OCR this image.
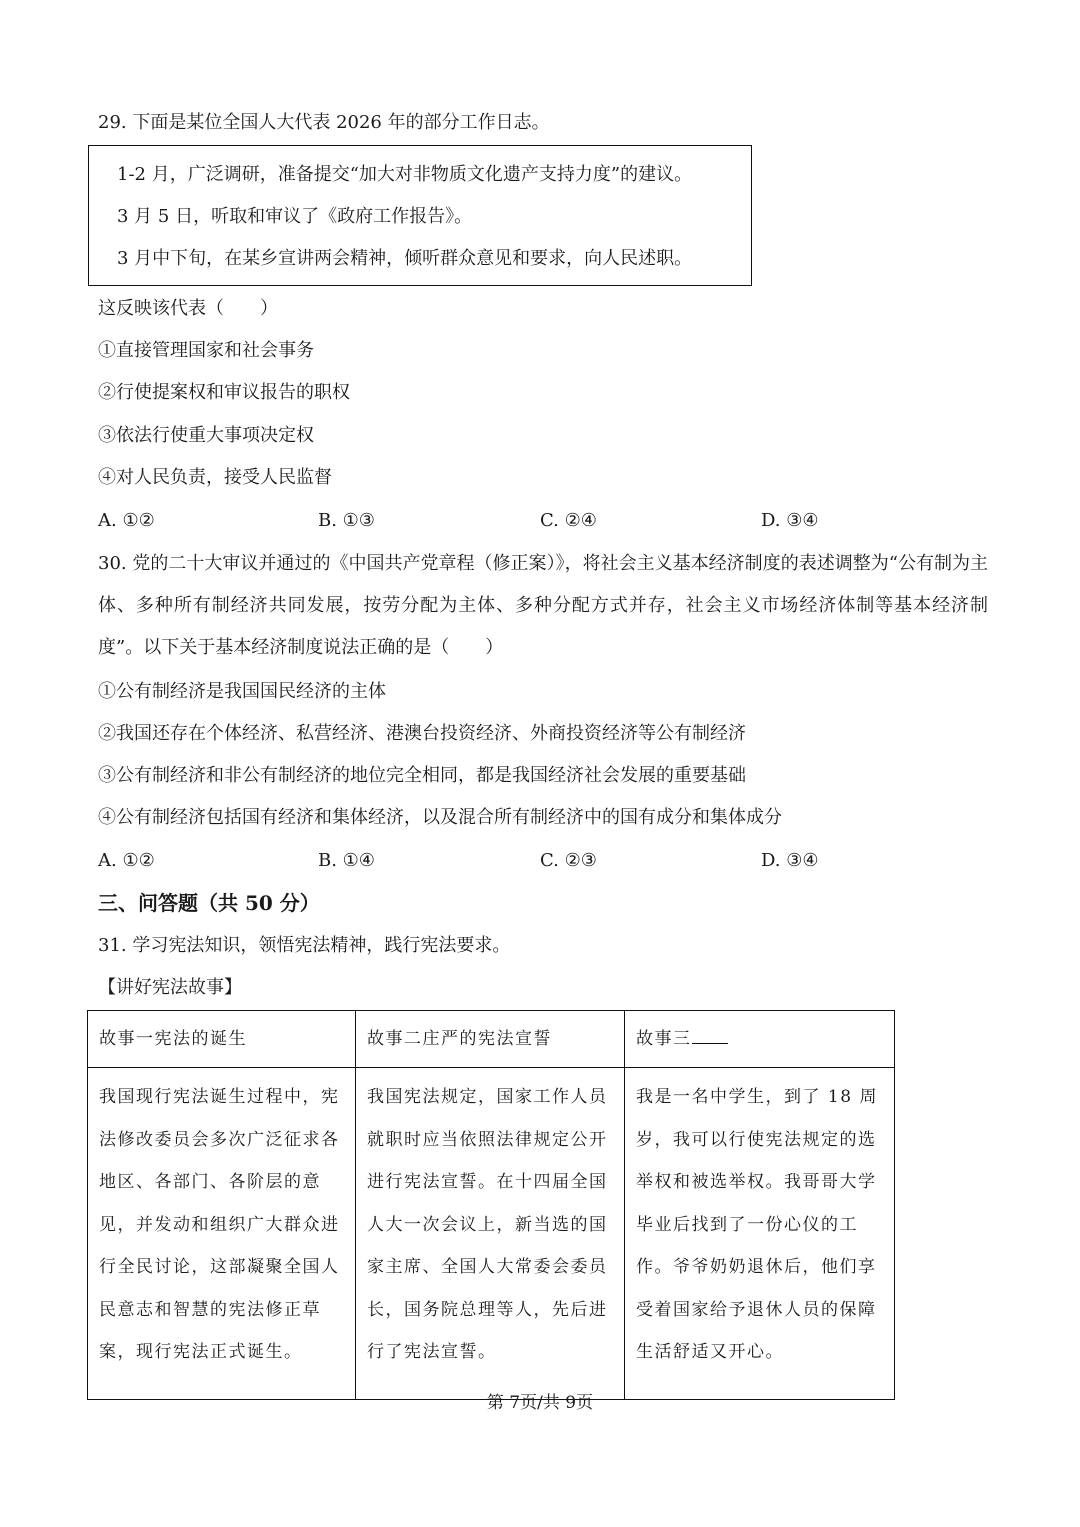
29. 下面是某位全国人大代表 2026 年的部分工作日志。
1-2 月，广泛调研，准备提交“加大对非物质文化遗产支持力度”的建议。
3 月 5 日，听取和审议了《政府工作报告》。
3 月中下旬，在某乡宣讲两会精神，倾听群众意见和要求，向人民述职。
这反映该代表（　　）
①直接管理国家和社会事务
②行使提案权和审议报告的职权
③依法行使重大事项决定权
④对人民负责，接受人民监督
A. ①②	B. ①③	C. ②④	D. ③④
30. 党的二十大审议并通过的《中国共产党章程（修正案）》，将社会主义基本经济制度的表述调整为“公有制为主体、多种所有制经济共同发展，按劳分配为主体、多种分配方式并存，社会主义市场经济体制等基本经济制度”。以下关于基本经济制度说法正确的是（　　）
①公有制经济是我国国民经济的主体
②我国还存在个体经济、私营经济、港澳台投资经济、外商投资经济等公有制经济
③公有制经济和非公有制经济的地位完全相同，都是我国经济社会发展的重要基础
④公有制经济包括国有经济和集体经济，以及混合所有制经济中的国有成分和集体成分
A. ①②	B. ①④	C. ②③	D. ③④
三、问答题（共 50 分）
31. 学习宪法知识，领悟宪法精神，践行宪法要求。
【讲好宪法故事】
故事一宪法的诞生	故事二庄严的宪法宣誓	故事三
我国现行宪法诞生过程中，宪法修改委员会多次广泛征求各地区、各部门、各阶层的意见，并发动和组织广大群众进行全民讨论，这部凝聚全国人民意志和智慧的宪法修正草案，现行宪法正式诞生。	我国宪法规定，国家工作人员就职时应当依照法律规定公开进行宪法宣誓。在十四届全国人大一次会议上，新当选的国家主席、全国人大常委会委员长，国务院总理等人，先后进行了宪法宣誓。	我是一名中学生，到了 18 周岁，我可以行使宪法规定的选举权和被选举权。我哥哥大学毕业后找到了一份心仪的工作。爷爷奶奶退休后，他们享受着国家给予退休人员的保障生活舒适又开心。
第 7页/共 9页
